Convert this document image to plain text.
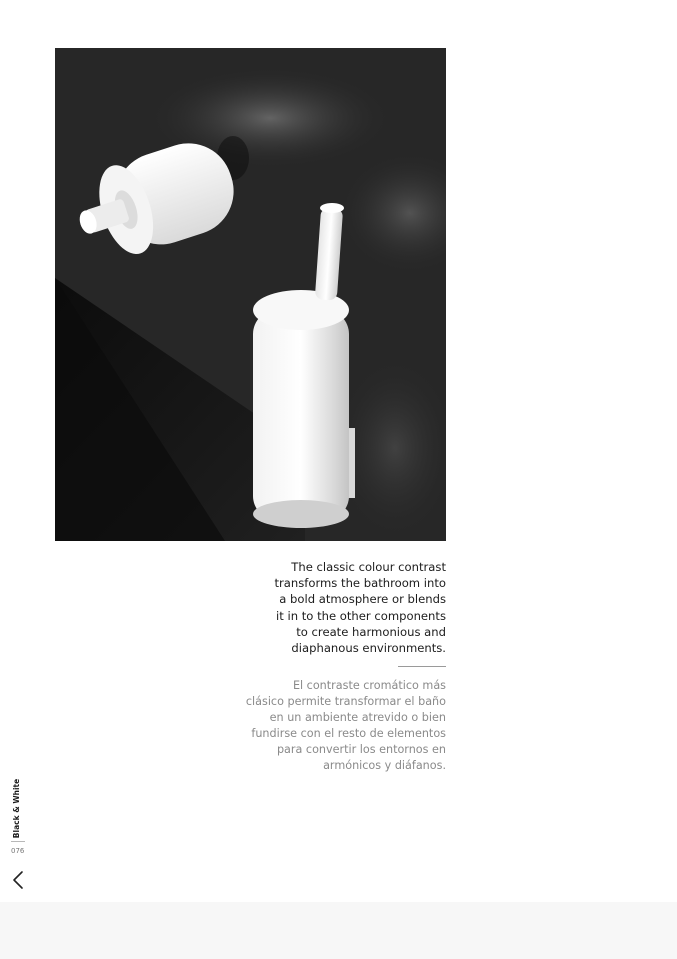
The classic colour contrast
transforms the bathroom into
a bold atmosphere or blends
it in to the other components
to create harmonious and
diaphanous environments.
El contraste cromático más
clásico permite transformar el baño
en un ambiente atrevido o bien
fundirse con el resto de elementos
para convertir los entornos en
armónicos y diáfanos.
Black & White
076
